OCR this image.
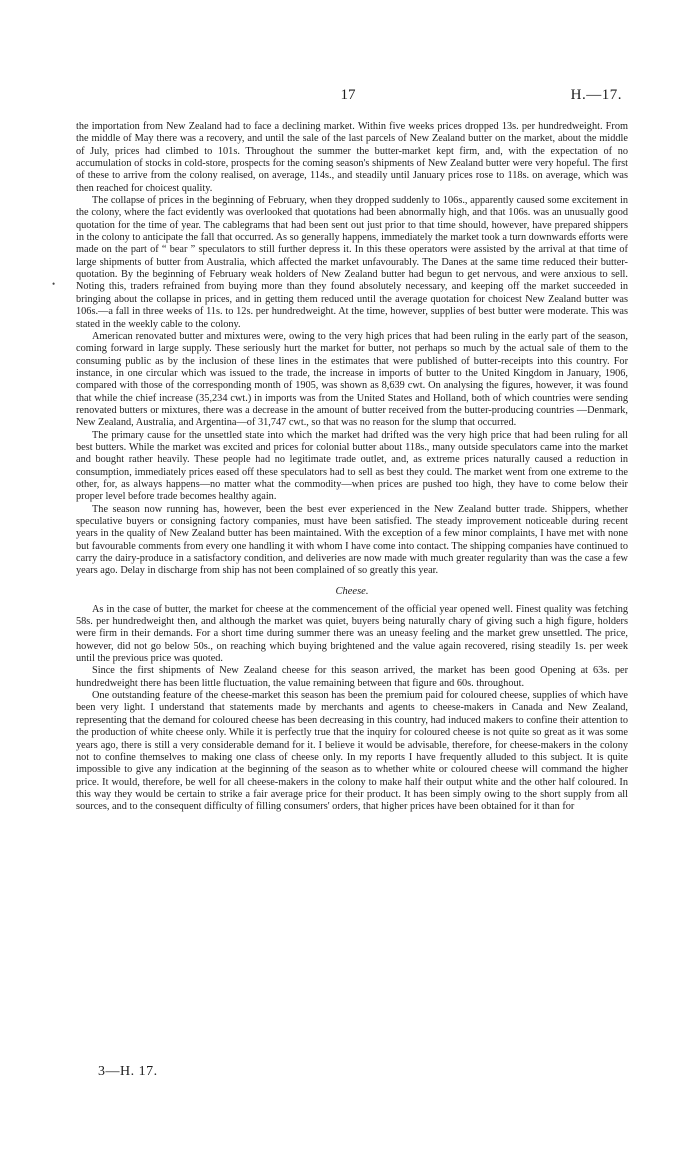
17	H.—17.
•

the importation from New Zealand had to face a declining market. Within five weeks prices dropped 13s. per hundredweight. From the middle of May there was a recovery, and until the sale of the last parcels of New Zealand butter on the market, about the middle of July, prices had climbed to 101s. Throughout the summer the butter-market kept firm, and, with the expectation of no accumulation of stocks in cold-store, prospects for the coming season's shipments of New Zealand butter were very hopeful. The first of these to arrive from the colony realised, on average, 114s., and steadily until January prices rose to 118s. on average, which was then reached for choicest quality.

The collapse of prices in the beginning of February, when they dropped suddenly to 106s., apparently caused some excitement in the colony, where the fact evidently was overlooked that quotations had been abnormally high, and that 106s. was an unusually good quotation for the time of year. The cablegrams that had been sent out just prior to that time should, however, have prepared shippers in the colony to anticipate the fall that occurred. As so generally happens, immediately the market took a turn downwards efforts were made on the part of “ bear ” speculators to still further depress it. In this these operators were assisted by the arrival at that time of large shipments of butter from Australia, which affected the market unfavourably. The Danes at the same time reduced their butter-quotation. By the beginning of February weak holders of New Zealand butter had begun to get nervous, and were anxious to sell. Noting this, traders refrained from buying more than they found absolutely necessary, and keeping off the market succeeded in bringing about the collapse in prices, and in getting them reduced until the average quotation for choicest New Zealand butter was 106s.—a fall in three weeks of 11s. to 12s. per hundredweight. At the time, however, supplies of best butter were moderate. This was stated in the weekly cable to the colony.

American renovated butter and mixtures were, owing to the very high prices that had been ruling in the early part of the season, coming forward in large supply. These seriously hurt the market for butter, not perhaps so much by the actual sale of them to the consuming public as by the inclusion of these lines in the estimates that were published of butter-receipts into this country. For instance, in one circular which was issued to the trade, the increase in imports of butter to the United Kingdom in January, 1906, compared with those of the corresponding month of 1905, was shown as 8,639 cwt. On analysing the figures, however, it was found that while the chief increase (35,234 cwt.) in imports was from the United States and Holland, both of which countries were sending renovated butters or mixtures, there was a decrease in the amount of butter received from the butter-producing countries —Denmark, New Zealand, Australia, and Argentina—of 31,747 cwt., so that was no reason for the slump that occurred.

The primary cause for the unsettled state into which the market had drifted was the very high price that had been ruling for all best butters. While the market was excited and prices for colonial butter about 118s., many outside speculators came into the market and bought rather heavily. These people had no legitimate trade outlet, and, as extreme prices naturally caused a reduction in consumption, immediately prices eased off these speculators had to sell as best they could. The market went from one extreme to the other, for, as always happens—no matter what the commodity—when prices are pushed too high, they have to come below their proper level before trade becomes healthy again.

The season now running has, however, been the best ever experienced in the New Zealand butter trade. Shippers, whether speculative buyers or consigning factory companies, must have been satisfied. The steady improvement noticeable during recent years in the quality of New Zealand butter has been maintained. With the exception of a few minor complaints, I have met with none but favourable comments from every one handling it with whom I have come into contact. The shipping companies have continued to carry the dairy-produce in a satisfactory condition, and deliveries are now made with much greater regularity than was the case a few years ago. Delay in discharge from ship has not been complained of so greatly this year.

Cheese.

As in the case of butter, the market for cheese at the commencement of the official year opened well. Finest quality was fetching 58s. per hundredweight then, and although the market was quiet, buyers being naturally chary of giving such a high figure, holders were firm in their demands. For a short time during summer there was an uneasy feeling and the market grew unsettled. The price, however, did not go below 50s., on reaching which buying brightened and the value again recovered, rising steadily 1s. per week until the previous price was quoted.

Since the first shipments of New Zealand cheese for this season arrived, the market has been good Opening at 63s. per hundredweight there has been little fluctuation, the value remaining between that figure and 60s. throughout.

One outstanding feature of the cheese-market this season has been the premium paid for coloured cheese, supplies of which have been very light. I understand that statements made by merchants and agents to cheese-makers in Canada and New Zealand, representing that the demand for coloured cheese has been decreasing in this country, had induced makers to confine their attention to the production of white cheese only. While it is perfectly true that the inquiry for coloured cheese is not quite so great as it was some years ago, there is still a very considerable demand for it. I believe it would be advisable, therefore, for cheese-makers in the colony not to confine themselves to making one class of cheese only. In my reports I have frequently alluded to this subject. It is quite impossible to give any indication at the beginning of the season as to whether white or coloured cheese will command the higher price. It would, therefore, be well for all cheese-makers in the colony to make half their output white and the other half coloured. In this way they would be certain to strike a fair average price for their product. It has been simply owing to the short supply from all sources, and to the consequent difficulty of filling consumers' orders, that higher prices have been obtained for it than for

3—H. 17.
